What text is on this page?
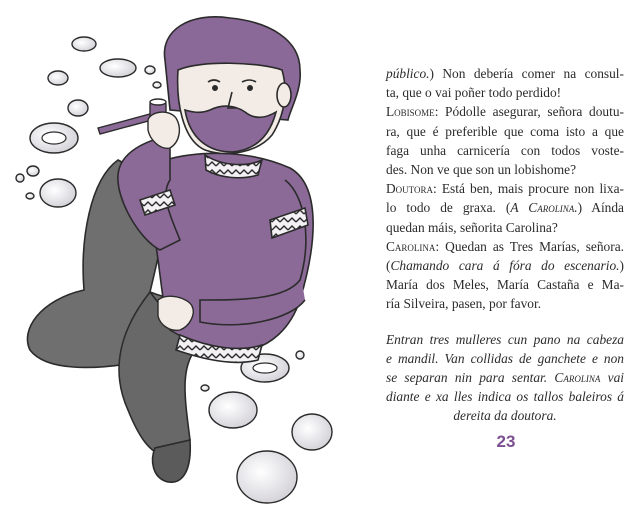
público.) Non debería comer na consul-
ta, que o vai poñer todo perdido!
Lobisome: Pódolle asegurar, señora doutu-
ra, que é preferible que coma isto a que
faga unha carnicería con todos voste-
des. Non ve que son un lobishome?
Doutora: Está ben, mais procure non lixa-
lo todo de graxa. (A Carolina.) Aínda
quedan máis, señorita Carolina?
Carolina: Quedan as Tres Marías, señora.
(Chamando cara á fóra do escenario.)
María dos Meles, María Castaña e Ma-
ría Silveira, pasen, por favor.
Entran tres mulleres cun pano na cabeza
e mandil. Van collidas de ganchete e non
se separan nin para sentar. Carolina vai
diante e xa lles indica os tallos baleiros á
dereita da doutora.
23
